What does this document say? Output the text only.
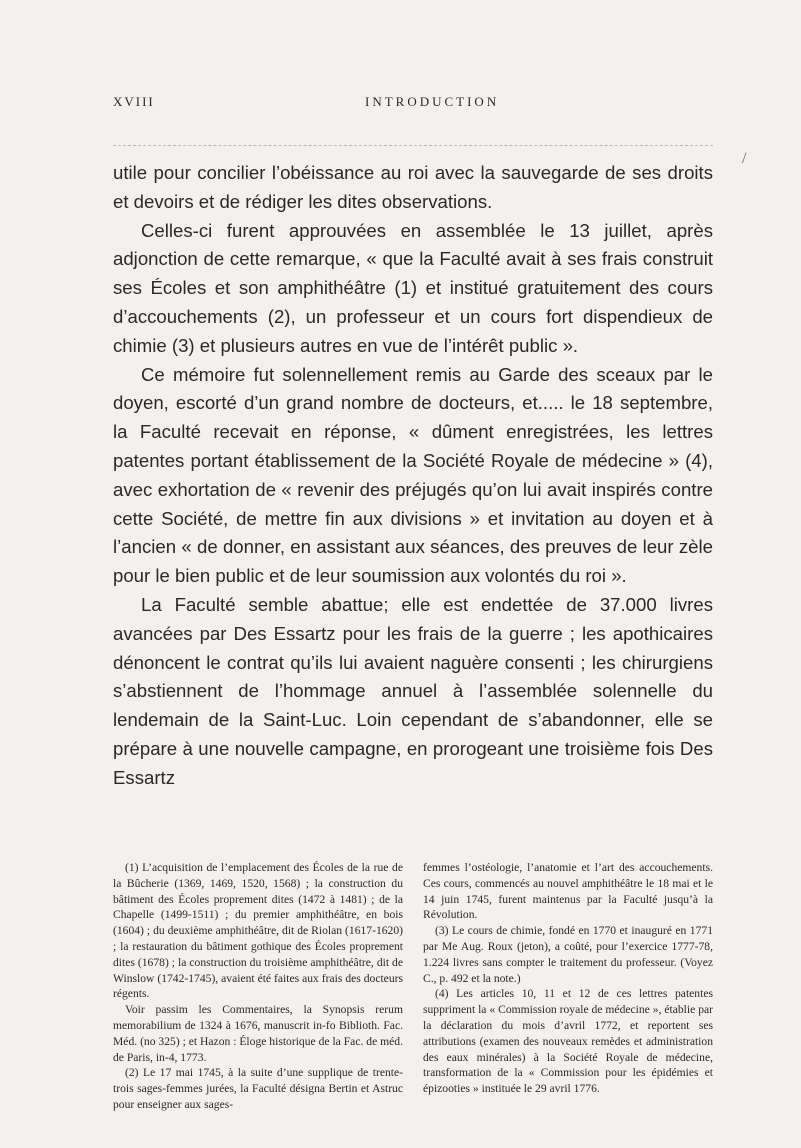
XVIII	INTRODUCTION
/

utile pour concilier l’obéissance au roi avec la sauvegarde de ses droits et devoirs et de rédiger les dites observations.

Celles-ci furent approuvées en assemblée le 13 juillet, après adjonction de cette remarque, « que la Faculté avait à ses frais construit ses Écoles et son amphithéâtre (1) et institué gratuitement des cours d’accouchements (2), un professeur et un cours fort dispendieux de chimie (3) et plusieurs autres en vue de l’intérêt public ».

Ce mémoire fut solennellement remis au Garde des sceaux par le doyen, escorté d’un grand nombre de docteurs, et..... le 18 septembre, la Faculté recevait en réponse, « dûment enregistrées, les lettres patentes portant établissement de la Société Royale de médecine » (4), avec exhortation de « revenir des préjugés qu’on lui avait inspirés contre cette Société, de mettre fin aux divisions » et invitation au doyen et à l’ancien « de donner, en assistant aux séances, des preuves de leur zèle pour le bien public et de leur soumission aux volontés du roi ».

La Faculté semble abattue; elle est endettée de 37.000 livres avancées par Des Essartz pour les frais de la guerre ; les apothicaires dénoncent le contrat qu’ils lui avaient naguère consenti ; les chirurgiens s’abstiennent de l’hommage annuel à l’assemblée solennelle du lendemain de la Saint-Luc. Loin cependant de s’abandonner, elle se prépare à une nouvelle campagne, en prorogeant une troisième fois Des Essartz

(1) L’acquisition de l’emplacement des Écoles de la rue de la Bûcherie (1369, 1469, 1520, 1568) ; la construction du bâtiment des Écoles proprement dites (1472 à 1481) ; de la Chapelle (1499-1511) ; du premier amphithéâtre, en bois (1604) ; du deuxième amphithéâtre, dit de Riolan (1617-1620) ; la restauration du bâtiment gothique des Écoles proprement dites (1678) ; la construction du troisième amphithéâtre, dit de Winslow (1742-1745), avaient été faites aux frais des docteurs régents.

Voir passim les Commentaires, la Synopsis rerum memorabilium de 1324 à 1676, manuscrit in-fo Biblioth. Fac. Méd. (no 325) ; et Hazon : Éloge historique de la Fac. de méd. de Paris, in-4, 1773.

(2) Le 17 mai 1745, à la suite d’une supplique de trente-trois sages-femmes jurées, la Faculté désigna Bertin et Astruc pour enseigner aux sages-

femmes l’ostéologie, l’anatomie et l’art des accouchements. Ces cours, commencés au nouvel amphithéâtre le 18 mai et le 14 juin 1745, furent maintenus par la Faculté jusqu’à la Révolution.

(3) Le cours de chimie, fondé en 1770 et inauguré en 1771 par Me Aug. Roux (jeton), a coûté, pour l’exercice 1777-78, 1.224 livres sans compter le traitement du professeur. (Voyez C., p. 492 et la note.)

(4) Les articles 10, 11 et 12 de ces lettres patentes suppriment la « Commission royale de médecine », établie par la déclaration du mois d’avril 1772, et reportent ses attributions (examen des nouveaux remèdes et administration des eaux minérales) à la Société Royale de médecine, transformation de la « Commission pour les épidémies et épizooties » instituée le 29 avril 1776.
